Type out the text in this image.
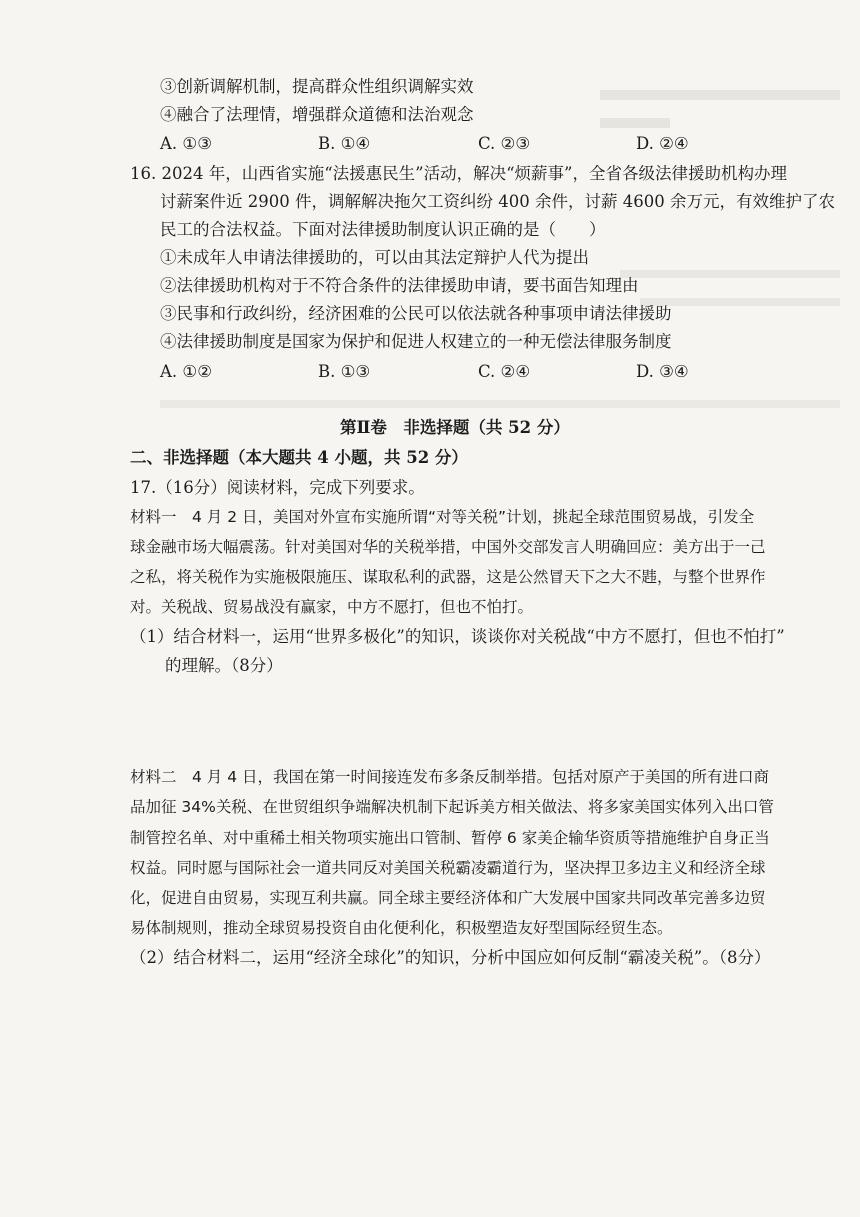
③创新调解机制，提高群众性组织调解实效
④融合了法理情，增强群众道德和法治观念
A. ①③	B. ①④	C. ②③	D. ②④
16. 2024 年，山西省实施“法援惠民生”活动，解决“烦薪事”，全省各级法律援助机构办理
讨薪案件近 2900 件，调解解决拖欠工资纠纷 400 余件，讨薪 4600 余万元，有效维护了农
民工的合法权益。下面对法律援助制度认识正确的是（　　）
①未成年人申请法律援助的，可以由其法定辩护人代为提出
②法律援助机构对于不符合条件的法律援助申请，要书面告知理由
③民事和行政纠纷，经济困难的公民可以依法就各种事项申请法律援助
④法律援助制度是国家为保护和促进人权建立的一种无偿法律服务制度
A. ①②	B. ①③	C. ②④	D. ③④
第Ⅱ卷　非选择题（共 52 分）
二、非选择题（本大题共 4 小题，共 52 分）
17.（16分）阅读材料，完成下列要求。
材料一　4 月 2 日，美国对外宣布实施所谓“对等关税”计划，挑起全球范围贸易战，引发全
球金融市场大幅震荡。针对美国对华的关税举措，中国外交部发言人明确回应：美方出于一己
之私，将关税作为实施极限施压、谋取私利的武器，这是公然冒天下之大不韪，与整个世界作
对。关税战、贸易战没有赢家，中方不愿打，但也不怕打。
（1）结合材料一，运用“世界多极化”的知识，谈谈你对关税战“中方不愿打，但也不怕打”
的理解。（8分）
材料二　4 月 4 日，我国在第一时间接连发布多条反制举措。包括对原产于美国的所有进口商
品加征 34%关税、在世贸组织争端解决机制下起诉美方相关做法、将多家美国实体列入出口管
制管控名单、对中重稀土相关物项实施出口管制、暂停 6 家美企输华资质等措施维护自身正当
权益。同时愿与国际社会一道共同反对美国关税霸凌霸道行为，坚决捍卫多边主义和经济全球
化，促进自由贸易，实现互利共赢。同全球主要经济体和广大发展中国家共同改革完善多边贸
易体制规则，推动全球贸易投资自由化便利化，积极塑造友好型国际经贸生态。
（2）结合材料二，运用“经济全球化”的知识，分析中国应如何反制“霸凌关税”。（8分）
